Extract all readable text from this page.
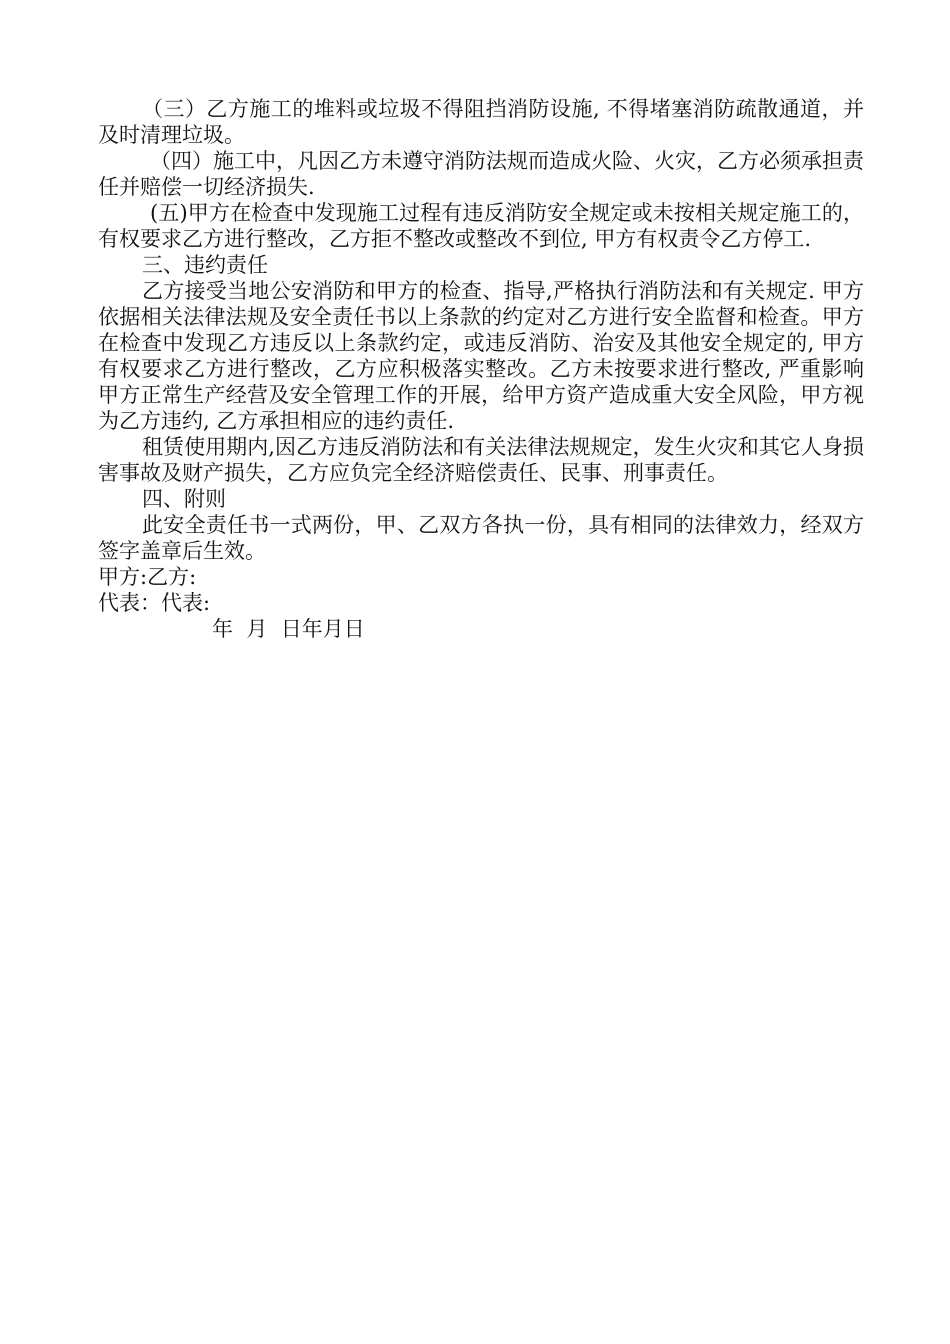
（三）乙方施工的堆料或垃圾不得阻挡消防设施, 不得堵塞消防疏散通道，并及时清理垃圾。

（四）施工中，凡因乙方未遵守消防法规而造成火险、火灾，乙方必须承担责任并赔偿一切经济损失.

(五)甲方在检查中发现施工过程有违反消防安全规定或未按相关规定施工的，有权要求乙方进行整改，乙方拒不整改或整改不到位, 甲方有权责令乙方停工.

三、违约责任

乙方接受当地公安消防和甲方的检查、指导,严格执行消防法和有关规定. 甲方依据相关法律法规及安全责任书以上条款的约定对乙方进行安全监督和检查。甲方在检查中发现乙方违反以上条款约定，或违反消防、治安及其他安全规定的, 甲方有权要求乙方进行整改，乙方应积极落实整改。乙方未按要求进行整改, 严重影响甲方正常生产经营及安全管理工作的开展，给甲方资产造成重大安全风险，甲方视为乙方违约, 乙方承担相应的违约责任.

租赁使用期内,因乙方违反消防法和有关法律法规规定，发生火灾和其它人身损害事故及财产损失，乙方应负完全经济赔偿责任、民事、刑事责任。

四、附则

此安全责任书一式两份，甲、乙双方各执一份，具有相同的法律效力，经双方签字盖章后生效。

甲方:乙方:

代表：代表:

年  月  日年月日
